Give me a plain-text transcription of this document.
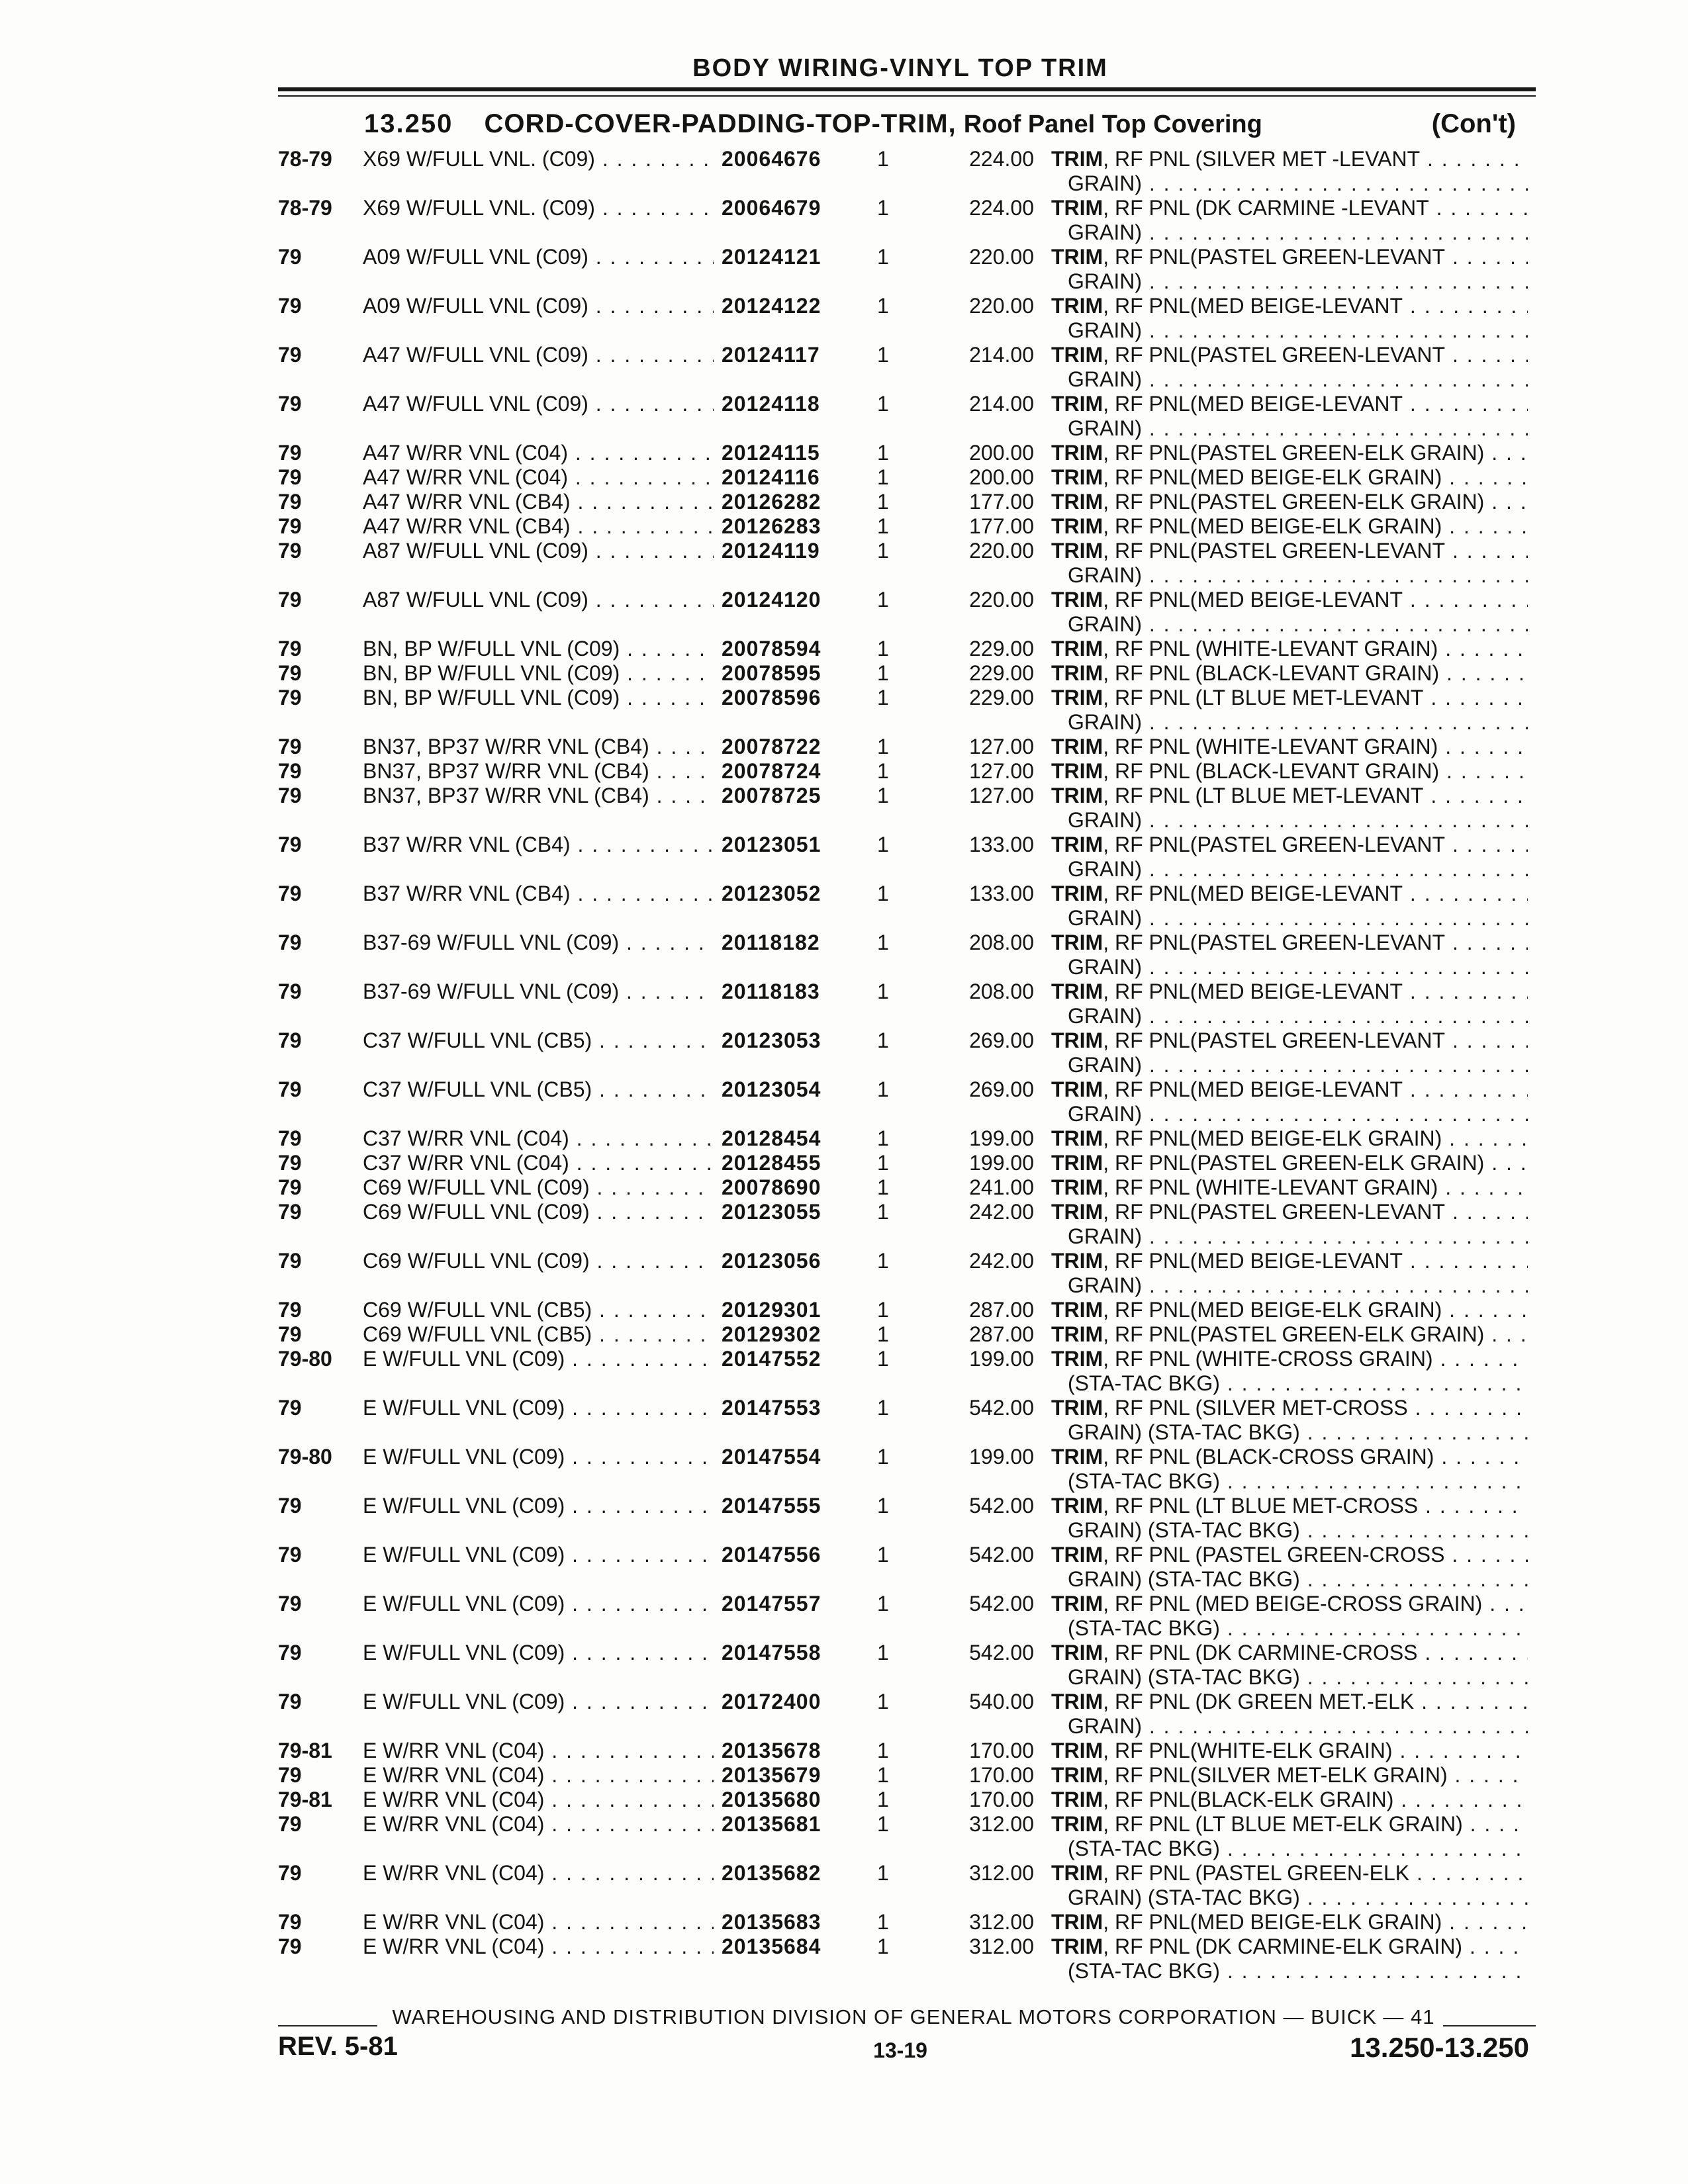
BODY WIRING-VINYL TOP TRIM
13.250 CORD-COVER-PADDING-TOP-TRIM, Roof Panel Top Covering	(Con't)
78-79 X69 W/FULL VNL. (C09) . . .	20064676	1	224.00 TRIM, RF PNL (SILVER MET -LEVANT . . .
GRAIN) . . .
78-79 X69 W/FULL VNL. (C09) . . .	20064679	1	224.00 TRIM, RF PNL (DK CARMINE -LEVANT . . .
GRAIN) . . .
79	A09 W/FULL VNL (C09) . . .	20124121	1	220.00 TRIM, RF PNL(PASTEL GREEN-LEVANT . . .
GRAIN) . . .
79	A09 W/FULL VNL (C09) . . .	20124122	1	220.00 TRIM, RF PNL(MED BEIGE-LEVANT . . .
GRAIN) . . .
79	A47 W/FULL VNL (C09) . . .	20124117	1	214.00 TRIM, RF PNL(PASTEL GREEN-LEVANT . . .
GRAIN) . . .
79	A47 W/FULL VNL (C09) . . .	20124118	1	214.00 TRIM, RF PNL(MED BEIGE-LEVANT . . .
GRAIN) . . .
79	A47 W/RR VNL (C04) . . .	20124115	1	200.00 TRIM, RF PNL(PASTEL GREEN-ELK GRAIN) . . .
79	A47 W/RR VNL (C04) . . .	20124116	1	200.00 TRIM, RF PNL(MED BEIGE-ELK GRAIN) . . .
79	A47 W/RR VNL (CB4) . . .	20126282	1	177.00 TRIM, RF PNL(PASTEL GREEN-ELK GRAIN) . . .
79	A47 W/RR VNL (CB4) . . .	20126283	1	177.00 TRIM, RF PNL(MED BEIGE-ELK GRAIN) . . .
79	A87 W/FULL VNL (C09) . . .	20124119	1	220.00 TRIM, RF PNL(PASTEL GREEN-LEVANT . . .
GRAIN) . . .
79	A87 W/FULL VNL (C09) . . .	20124120	1	220.00 TRIM, RF PNL(MED BEIGE-LEVANT . . .
GRAIN) . . .
79	BN, BP W/FULL VNL (C09) . . .	20078594	1	229.00 TRIM, RF PNL (WHITE-LEVANT GRAIN) . . .
79	BN, BP W/FULL VNL (C09) . . .	20078595	1	229.00 TRIM, RF PNL (BLACK-LEVANT GRAIN) . . .
79	BN, BP W/FULL VNL (C09) . . .	20078596	1	229.00 TRIM, RF PNL (LT BLUE MET-LEVANT . . .
GRAIN) . . .
79	BN37, BP37 W/RR VNL (CB4) . . .	20078722	1	127.00 TRIM, RF PNL (WHITE-LEVANT GRAIN) . . .
79	BN37, BP37 W/RR VNL (CB4) . . .	20078724	1	127.00 TRIM, RF PNL (BLACK-LEVANT GRAIN) . . .
79	BN37, BP37 W/RR VNL (CB4) . . .	20078725	1	127.00 TRIM, RF PNL (LT BLUE MET-LEVANT . . .
GRAIN) . . .
79	B37 W/RR VNL (CB4) . . .	20123051	1	133.00 TRIM, RF PNL(PASTEL GREEN-LEVANT . . .
GRAIN) . . .
79	B37 W/RR VNL (CB4) . . .	20123052	1	133.00 TRIM, RF PNL(MED BEIGE-LEVANT . . .
GRAIN) . . .
79	B37-69 W/FULL VNL (C09) . . .	20118182	1	208.00 TRIM, RF PNL(PASTEL GREEN-LEVANT . . .
GRAIN) . . .
79	B37-69 W/FULL VNL (C09) . . .	20118183	1	208.00 TRIM, RF PNL(MED BEIGE-LEVANT . . .
GRAIN) . . .
79	C37 W/FULL VNL (CB5) . . .	20123053	1	269.00 TRIM, RF PNL(PASTEL GREEN-LEVANT . . .
GRAIN) . . .
79	C37 W/FULL VNL (CB5) . . .	20123054	1	269.00 TRIM, RF PNL(MED BEIGE-LEVANT . . .
GRAIN) . . .
79	C37 W/RR VNL (C04) . . .	20128454	1	199.00 TRIM, RF PNL(MED BEIGE-ELK GRAIN) . . .
79	C37 W/RR VNL (C04) . . .	20128455	1	199.00 TRIM, RF PNL(PASTEL GREEN-ELK GRAIN) . . .
79	C69 W/FULL VNL (C09) . . .	20078690	1	241.00 TRIM, RF PNL (WHITE-LEVANT GRAIN) . . .
79	C69 W/FULL VNL (C09) . . .	20123055	1	242.00 TRIM, RF PNL(PASTEL GREEN-LEVANT . . .
GRAIN) . . .
79	C69 W/FULL VNL (C09) . . .	20123056	1	242.00 TRIM, RF PNL(MED BEIGE-LEVANT . . .
GRAIN) . . .
79	C69 W/FULL VNL (CB5) . . .	20129301	1	287.00 TRIM, RF PNL(MED BEIGE-ELK GRAIN) . . .
79	C69 W/FULL VNL (CB5) . . .	20129302	1	287.00 TRIM, RF PNL(PASTEL GREEN-ELK GRAIN) . . .
79-80 E W/FULL VNL (C09) . . .	20147552	1	199.00 TRIM, RF PNL (WHITE-CROSS GRAIN) . . .
(STA-TAC BKG) . . .
79	E W/FULL VNL (C09) . . .	20147553	1	542.00 TRIM, RF PNL (SILVER MET-CROSS . . .
GRAIN) (STA-TAC BKG) . . .
79-80 E W/FULL VNL (C09) . . .	20147554	1	199.00 TRIM, RF PNL (BLACK-CROSS GRAIN) . . .
(STA-TAC BKG) . . .
79	E W/FULL VNL (C09) . . .	20147555	1	542.00 TRIM, RF PNL (LT BLUE MET-CROSS . . .
GRAIN) (STA-TAC BKG) . . .
79	E W/FULL VNL (C09) . . .	20147556	1	542.00 TRIM, RF PNL (PASTEL GREEN-CROSS . . .
GRAIN) (STA-TAC BKG) . . .
79	E W/FULL VNL (C09) . . .	20147557	1	542.00 TRIM, RF PNL (MED BEIGE-CROSS GRAIN) . . .
(STA-TAC BKG) . . .
79	E W/FULL VNL (C09) . . .	20147558	1	542.00 TRIM, RF PNL (DK CARMINE-CROSS . . .
GRAIN) (STA-TAC BKG) . . .
79	E W/FULL VNL (C09) . . .	20172400	1	540.00 TRIM, RF PNL (DK GREEN MET.-ELK . . .
GRAIN) . . .
79-81 E W/RR VNL (C04) . . .	20135678	1	170.00 TRIM, RF PNL(WHITE-ELK GRAIN) . . .
79	E W/RR VNL (C04) . . .	20135679	1	170.00 TRIM, RF PNL(SILVER MET-ELK GRAIN) . . .
79-81 E W/RR VNL (C04) . . .	20135680	1	170.00 TRIM, RF PNL(BLACK-ELK GRAIN) . . .
79	E W/RR VNL (C04) . . .	20135681	1	312.00 TRIM, RF PNL (LT BLUE MET-ELK GRAIN) . . .
(STA-TAC BKG) . . .
79	E W/RR VNL (C04) . . .	20135682	1	312.00 TRIM, RF PNL (PASTEL GREEN-ELK . . .
GRAIN) (STA-TAC BKG) . . .
79	E W/RR VNL (C04) . . .	20135683	1	312.00 TRIM, RF PNL(MED BEIGE-ELK GRAIN) . . .
79	E W/RR VNL (C04) . . .	20135684	1	312.00 TRIM, RF PNL (DK CARMINE-ELK GRAIN) . . .
(STA-TAC BKG) . . .
WAREHOUSING AND DISTRIBUTION DIVISION OF GENERAL MOTORS CORPORATION — BUICK — 41
REV. 5-81	13-19	13.250-13.250
